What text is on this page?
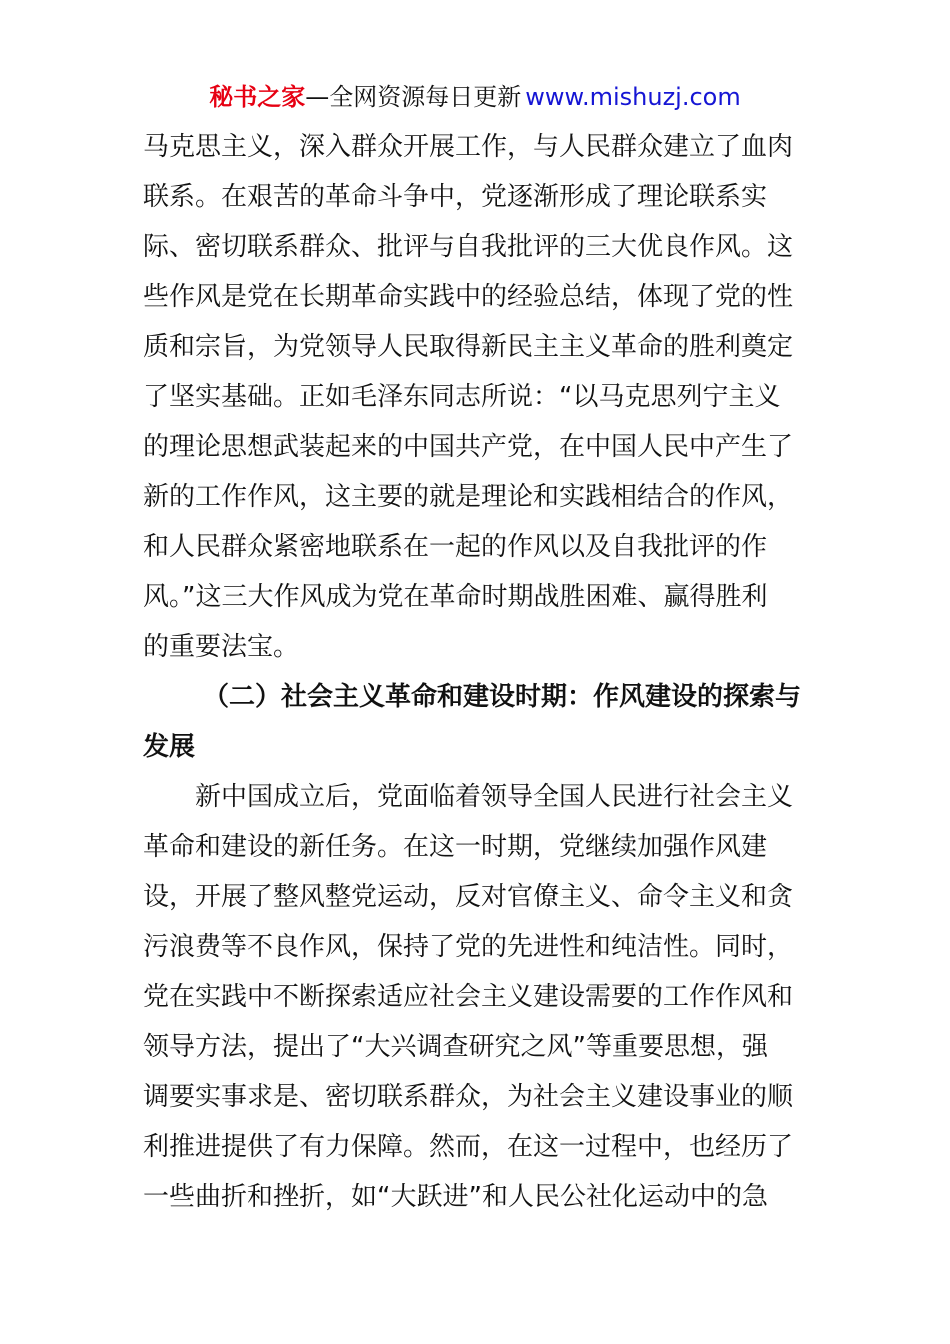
秘书之家—全网资源每日更新 www.mishuzj.com
马克思主义，深入群众开展工作，与人民群众建立了血肉
联系。在艰苦的革命斗争中，党逐渐形成了理论联系实
际、密切联系群众、批评与自我批评的三大优良作风。这
些作风是党在长期革命实践中的经验总结，体现了党的性
质和宗旨，为党领导人民取得新民主主义革命的胜利奠定
了坚实基础。正如毛泽东同志所说：“以马克思列宁主义
的理论思想武装起来的中国共产党，在中国人民中产生了
新的工作作风，这主要的就是理论和实践相结合的作风，
和人民群众紧密地联系在一起的作风以及自我批评的作
风。”这三大作风成为党在革命时期战胜困难、赢得胜利
的重要法宝。
（二）社会主义革命和建设时期：作风建设的探索与
发展
新中国成立后，党面临着领导全国人民进行社会主义
革命和建设的新任务。在这一时期，党继续加强作风建
设，开展了整风整党运动，反对官僚主义、命令主义和贪
污浪费等不良作风，保持了党的先进性和纯洁性。同时，
党在实践中不断探索适应社会主义建设需要的工作作风和
领导方法，提出了“大兴调查研究之风”等重要思想，强
调要实事求是、密切联系群众，为社会主义建设事业的顺
利推进提供了有力保障。然而，在这一过程中，也经历了
一些曲折和挫折，如“大跃进”和人民公社化运动中的急
